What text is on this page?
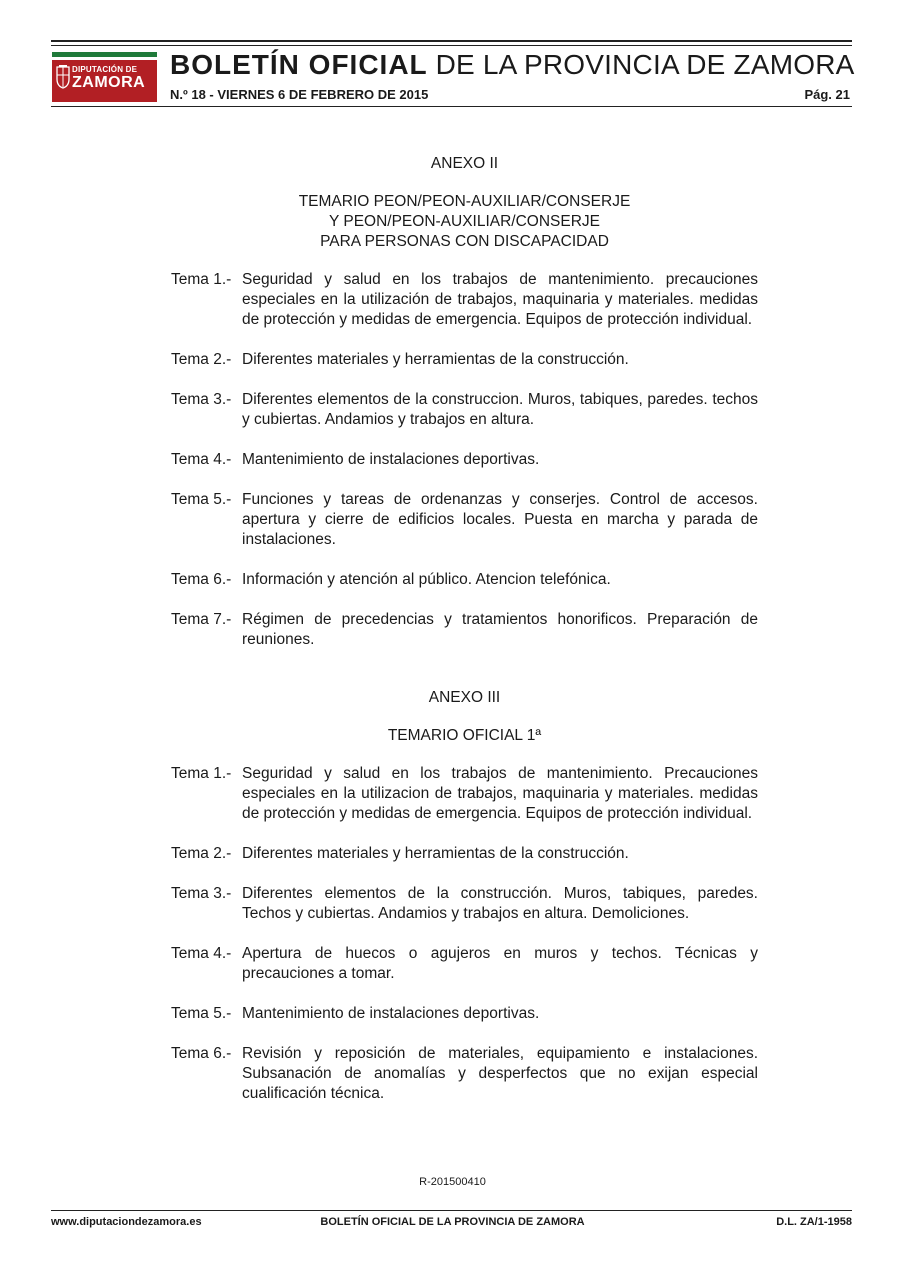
DIPUTACIÓN DE
ZAMORA
BOLETÍN OFICIAL DE LA PROVINCIA DE ZAMORA
N.º 18 - VIERNES 6 DE FEBRERO DE 2015	Pág. 21
ANEXO II
TEMARIO PEON/PEON-AUXILIAR/CONSERJE
Y PEON/PEON-AUXILIAR/CONSERJE
PARA PERSONAS CON DISCAPACIDAD
Tema 1.- Seguridad y salud en los trabajos de mantenimiento. precauciones especiales en la utilización de trabajos, maquinaria y materiales. medidas de protección y medidas de emergencia. Equipos de protección individual.
Tema 2.- Diferentes materiales y herramientas de la construcción.
Tema 3.- Diferentes elementos de la construccion. Muros, tabiques, paredes. techos y cubiertas. Andamios y trabajos en altura.
Tema 4.- Mantenimiento de instalaciones deportivas.
Tema 5.- Funciones y tareas de ordenanzas y conserjes. Control de accesos. apertura y cierre de edificios locales. Puesta en marcha y parada de instalaciones.
Tema 6.- Información y atención al público. Atencion telefónica.
Tema 7.- Régimen de precedencias y tratamientos honorificos. Preparación de reuniones.
ANEXO III
TEMARIO OFICIAL 1ª
Tema 1.- Seguridad y salud en los trabajos de mantenimiento. Precauciones especiales en la utilizacion de trabajos, maquinaria y materiales. medidas de protección y medidas de emergencia. Equipos de protección individual.
Tema 2.- Diferentes materiales y herramientas de la construcción.
Tema 3.- Diferentes elementos de la construcción. Muros, tabiques, paredes. Techos y cubiertas. Andamios y trabajos en altura. Demoliciones.
Tema 4.- Apertura de huecos o agujeros en muros y techos. Técnicas y precauciones a tomar.
Tema 5.- Mantenimiento de instalaciones deportivas.
Tema 6.- Revisión y reposición de materiales, equipamiento e instalaciones. Subsanación de anomalías y desperfectos que no exijan especial cualificación técnica.
R-201500410
www.diputaciondezamora.es	BOLETÍN OFICIAL DE LA PROVINCIA DE ZAMORA	D.L. ZA/1-1958
